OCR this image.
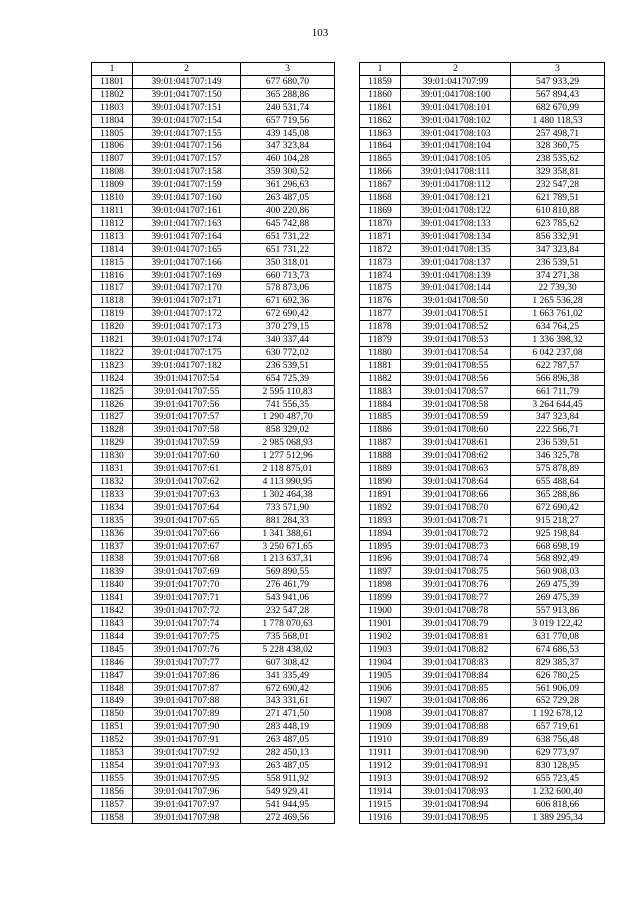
103
1	2	3
11801	39:01:041707:149	677 680,70
11802	39:01:041707:150	365 288,86
11803	39:01:041707:151	240 531,74
11804	39:01:041707:154	657 719,56
11805	39:01:041707:155	439 145,08
11806	39:01:041707:156	347 323,84
11807	39:01:041707:157	460 104,28
11808	39:01:041707:158	359 300,52
11809	39:01:041707:159	361 296,63
11810	39:01:041707:160	263 487,05
11811	39:01:041707:161	400 220,86
11812	39:01:041707:163	645 742,88
11813	39:01:041707:164	651 731,22
11814	39:01:041707:165	651 731,22
11815	39:01:041707:166	350 318,01
11816	39:01:041707:169	660 713,73
11817	39:01:041707:170	578 873,06
11818	39:01:041707:171	671 692,36
11819	39:01:041707:172	672 690,42
11820	39:01:041707:173	370 279,15
11821	39:01:041707:174	340 337,44
11822	39:01:041707:175	630 772,02
11823	39:01:041707:182	236 539,51
11824	39:01:041707:54	654 725,39
11825	39:01:041707:55	2 595 110,83
11826	39:01:041707:56	741 556,35
11827	39:01:041707:57	1 290 487,70
11828	39:01:041707:58	858 329,02
11829	39:01:041707:59	2 985 068,93
11830	39:01:041707:60	1 277 512,96
11831	39:01:041707:61	2 118 875,01
11832	39:01:041707:62	4 113 990,95
11833	39:01:041707:63	1 302 464,38
11834	39:01:041707:64	733 571,90
11835	39:01:041707:65	881 284,33
11836	39:01:041707:66	1 341 388,61
11837	39:01:041707:67	3 250 671,65
11838	39:01:041707:68	1 213 637,31
11839	39:01:041707:69	569 890,55
11840	39:01:041707:70	276 461,79
11841	39:01:041707:71	543 941,06
11842	39:01:041707:72	232 547,28
11843	39:01:041707:74	1 778 070,63
11844	39:01:041707:75	735 568,01
11845	39:01:041707:76	5 228 438,02
11846	39:01:041707:77	607 308,42
11847	39:01:041707:86	341 335,49
11848	39:01:041707:87	672 690,42
11849	39:01:041707:88	343 331,61
11850	39:01:041707:89	271 471,50
11851	39:01:041707:90	283 448,19
11852	39:01:041707:91	263 487,05
11853	39:01:041707:92	282 450,13
11854	39:01:041707:93	263 487,05
11855	39:01:041707:95	558 911,92
11856	39:01:041707:96	549 929,41
11857	39:01:041707:97	541 944,95
11858	39:01:041707:98	272 469,56
1	2	3
11859	39:01:041707:99	547 933,29
11860	39:01:041708:100	567 894,43
11861	39:01:041708:101	682 670,99
11862	39:01:041708:102	1 480 118,53
11863	39:01:041708:103	257 498,71
11864	39:01:041708:104	328 360,75
11865	39:01:041708:105	238 535,62
11866	39:01:041708:111	329 358,81
11867	39:01:041708:112	232 547,28
11868	39:01:041708:121	621 789,51
11869	39:01:041708:122	610 810,88
11870	39:01:041708:133	623 785,62
11871	39:01:041708:134	856 332,91
11872	39:01:041708:135	347 323,84
11873	39:01:041708:137	236 539,51
11874	39:01:041708:139	374 271,38
11875	39:01:041708:144	22 739,30
11876	39:01:041708:50	1 265 536,28
11877	39:01:041708:51	1 663 761,02
11878	39:01:041708:52	634 764,25
11879	39:01:041708:53	1 336 398,32
11880	39:01:041708:54	6 042 237,08
11881	39:01:041708:55	622 787,57
11882	39:01:041708:56	566 896,38
11883	39:01:041708:57	661 711,79
11884	39:01:041708:58	3 264 644,45
11885	39:01:041708:59	347 323,84
11886	39:01:041708:60	222 566,71
11887	39:01:041708:61	236 539,51
11888	39:01:041708:62	346 325,78
11889	39:01:041708:63	575 878,89
11890	39:01:041708:64	655 488,64
11891	39:01:041708:66	365 288,86
11892	39:01:041708:70	672 690,42
11893	39:01:041708:71	915 218,27
11894	39:01:041708:72	925 198,84
11895	39:01:041708:73	668 698,19
11896	39:01:041708:74	568 892,49
11897	39:01:041708:75	560 908,03
11898	39:01:041708:76	269 475,39
11899	39:01:041708:77	269 475,39
11900	39:01:041708:78	557 913,86
11901	39:01:041708:79	3 019 122,42
11902	39:01:041708:81	631 770,08
11903	39:01:041708:82	674 686,53
11904	39:01:041708:83	829 385,37
11905	39:01:041708:84	626 780,25
11906	39:01:041708:85	561 906,09
11907	39:01:041708:86	652 729,28
11908	39:01:041708:87	1 192 678,12
11909	39:01:041708:88	657 719,61
11910	39:01:041708:89	638 756,48
11911	39:01:041708:90	629 773,97
11912	39:01:041708:91	830 128,95
11913	39:01:041708:92	655 723,45
11914	39:01:041708:93	1 232 600,40
11915	39:01:041708:94	606 818,66
11916	39:01:041708:95	1 389 295,34
